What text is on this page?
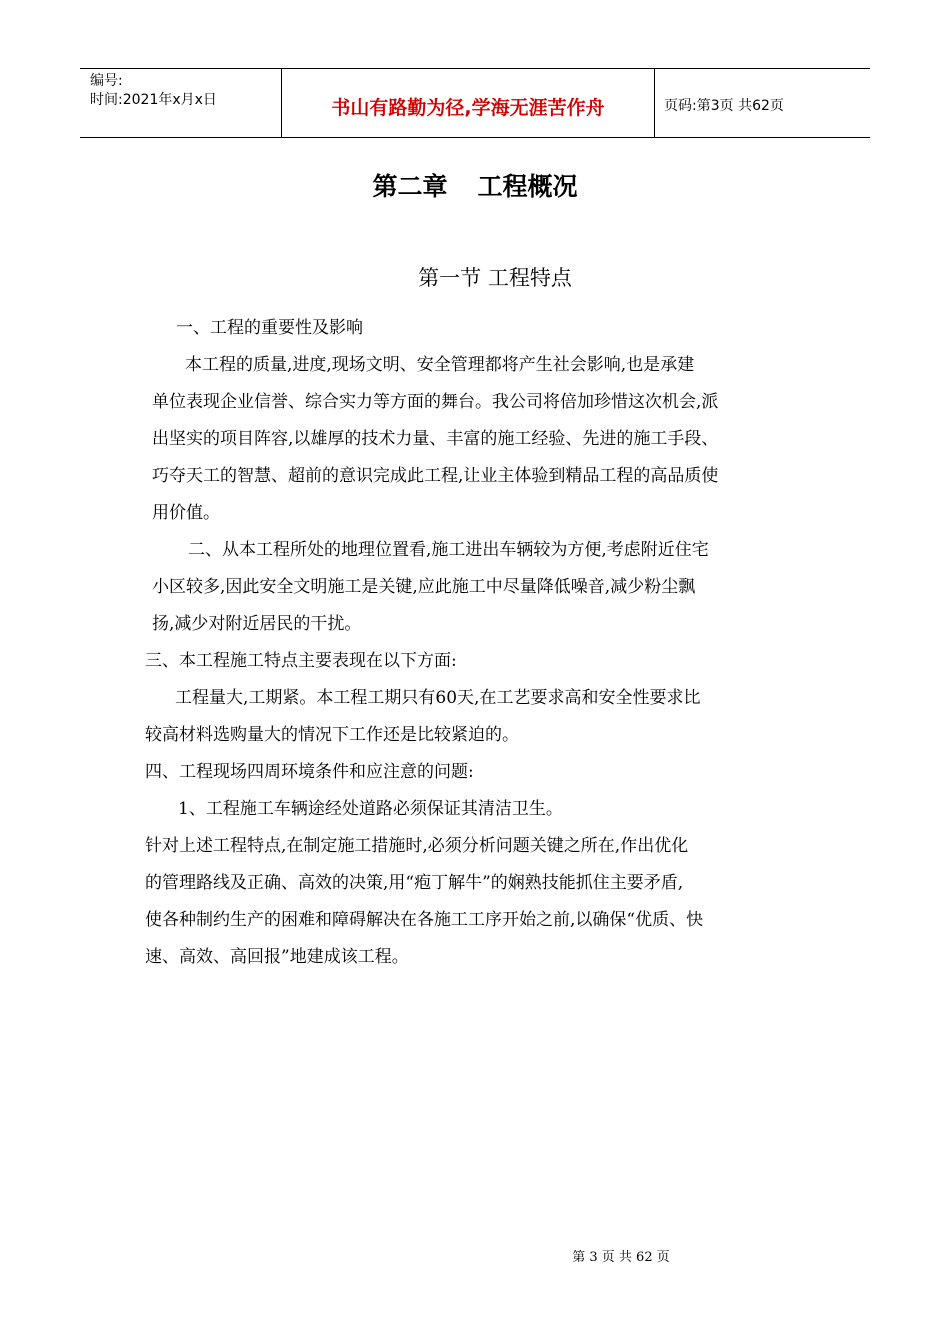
编号:
时间:2021年x月x日	书山有路勤为径,学海无涯苦作舟	页码:第3页 共62页
第二章 工程概况
第一节 工程特点
一、工程的重要性及影响
本工程的质量,进度,现场文明、安全管理都将产生社会影响,也是承建
单位表现企业信誉、综合实力等方面的舞台。我公司将倍加珍惜这次机会,派
出坚实的项目阵容,以雄厚的技术力量、丰富的施工经验、先进的施工手段、
巧夺天工的智慧、超前的意识完成此工程,让业主体验到精品工程的高品质使
用价值。
二、从本工程所处的地理位置看,施工进出车辆较为方便,考虑附近住宅
小区较多,因此安全文明施工是关键,应此施工中尽量降低噪音,减少粉尘飘
扬,减少对附近居民的干扰。
三、本工程施工特点主要表现在以下方面:
工程量大,工期紧。本工程工期只有60天,在工艺要求高和安全性要求比
较高材料选购量大的情况下工作还是比较紧迫的。
四、工程现场四周环境条件和应注意的问题:
1、工程施工车辆途经处道路必须保证其清洁卫生。
针对上述工程特点,在制定施工措施时,必须分析问题关键之所在,作出优化
的管理路线及正确、高效的决策,用“疱丁解牛”的娴熟技能抓住主要矛盾,
使各种制约生产的困难和障碍解决在各施工工序开始之前,以确保“优质、快
速、高效、高回报”地建成该工程。
第 3 页 共 62 页
